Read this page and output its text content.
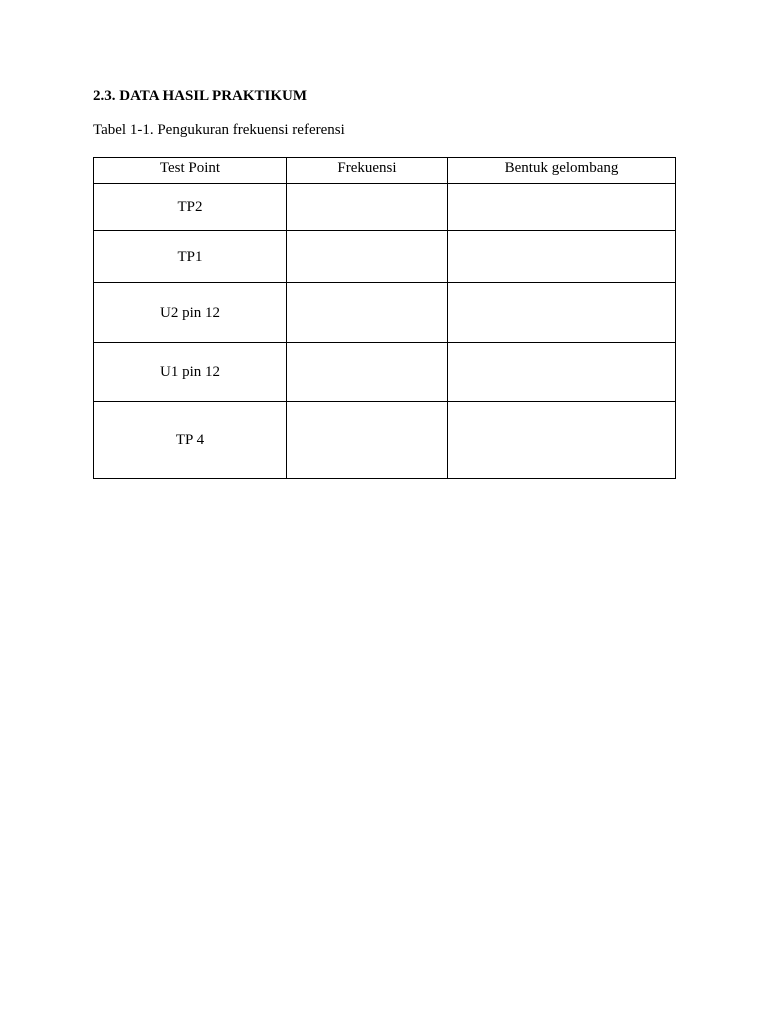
2.3. DATA HASIL PRAKTIKUM
Tabel 1-1. Pengukuran frekuensi referensi
Test Point	Frekuensi	Bentuk gelombang
TP2		
TP1		
U2 pin 12		
U1 pin 12		
TP 4		
